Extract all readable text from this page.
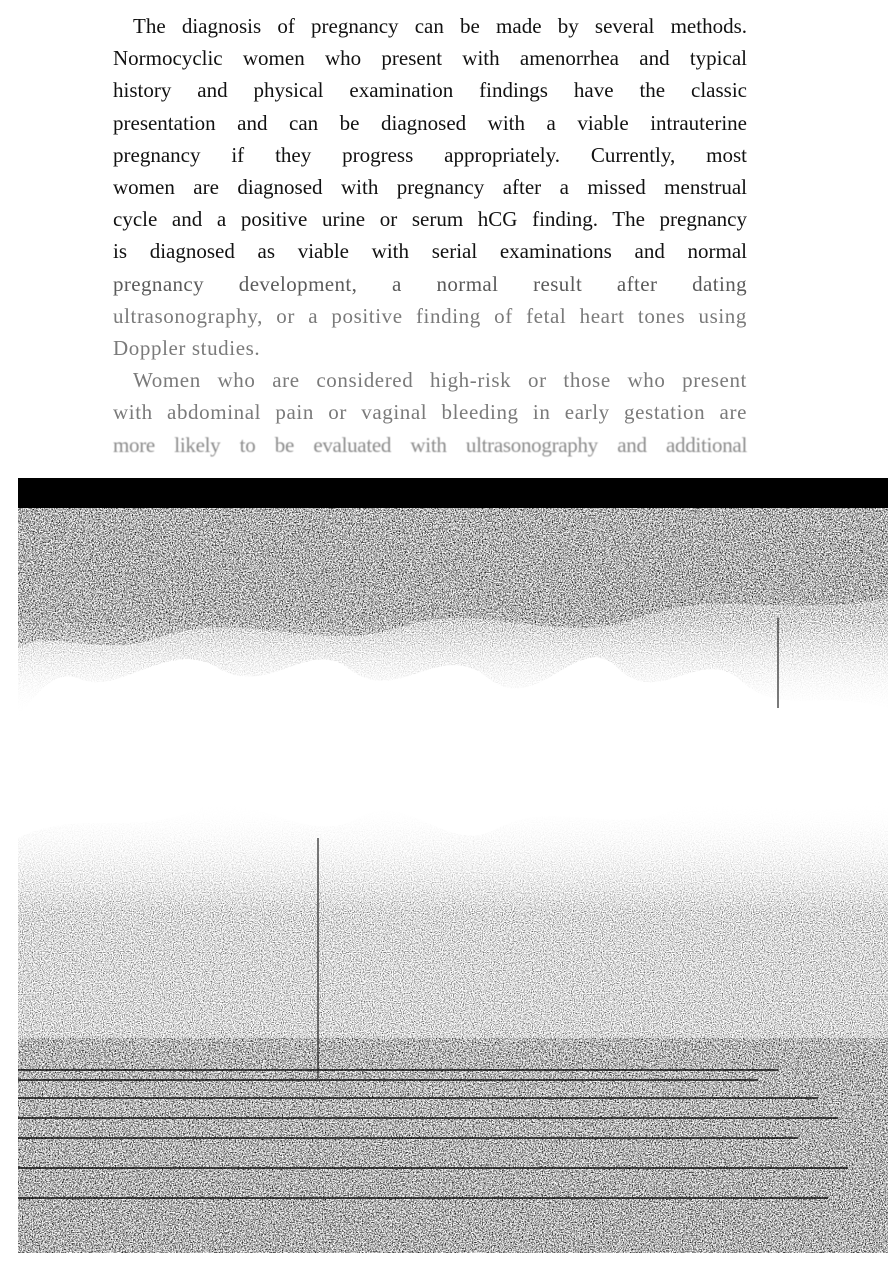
The diagnosis of pregnancy can be made by several methods.
Normocyclic women who present with amenorrhea and typical
history and physical examination findings have the classic
presentation and can be diagnosed with a viable intrauterine
pregnancy if they progress appropriately. Currently, most
women are diagnosed with pregnancy after a missed menstrual
cycle and a positive urine or serum hCG finding. The pregnancy
is diagnosed as viable with serial examinations and normal
pregnancy development, a normal result after dating
ultrasonography, or a positive finding of fetal heart tones using
Doppler studies.

Women who are considered high-risk or those who present
with abdominal pain or vaginal bleeding in early gestation are
more likely to be evaluated with ultrasonography and additional
